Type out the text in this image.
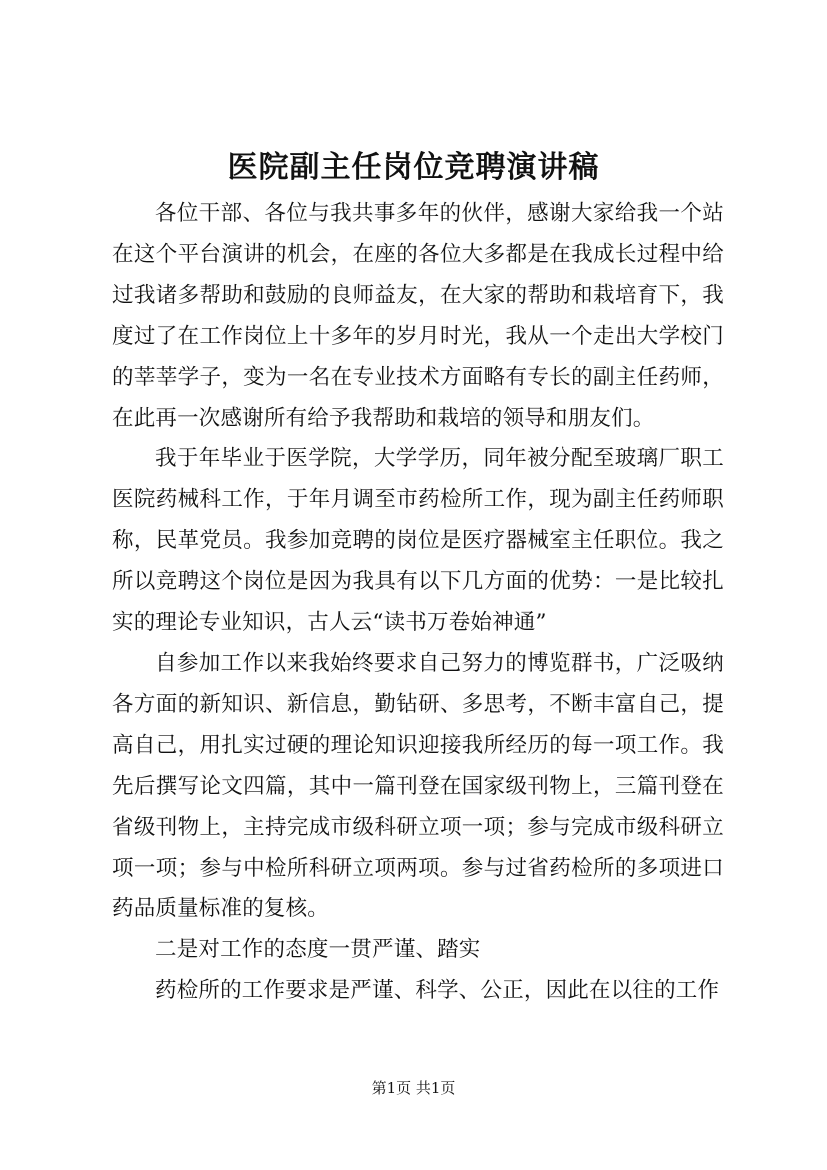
医院副主任岗位竞聘演讲稿

各位干部、各位与我共事多年的伙伴，感谢大家给我一个站在这个平台演讲的机会，在座的各位大多都是在我成长过程中给过我诸多帮助和鼓励的良师益友，在大家的帮助和栽培育下，我度过了在工作岗位上十多年的岁月时光，我从一个走出大学校门的莘莘学子，变为一名在专业技术方面略有专长的副主任药师，在此再一次感谢所有给予我帮助和栽培的领导和朋友们。

我于年毕业于医学院，大学学历，同年被分配至玻璃厂职工医院药械科工作，于年月调至市药检所工作，现为副主任药师职称，民革党员。我参加竞聘的岗位是医疗器械室主任职位。我之所以竞聘这个岗位是因为我具有以下几方面的优势：一是比较扎实的理论专业知识，古人云“读书万卷始神通”

自参加工作以来我始终要求自己努力的博览群书，广泛吸纳各方面的新知识、新信息，勤钻研、多思考，不断丰富自己，提高自己，用扎实过硬的理论知识迎接我所经历的每一项工作。我先后撰写论文四篇，其中一篇刊登在国家级刊物上，三篇刊登在省级刊物上，主持完成市级科研立项一项；参与完成市级科研立项一项；参与中检所科研立项两项。参与过省药检所的多项进口药品质量标准的复核。

二是对工作的态度一贯严谨、踏实

药检所的工作要求是严谨、科学、公正，因此在以往的工作

第1页 共1页
